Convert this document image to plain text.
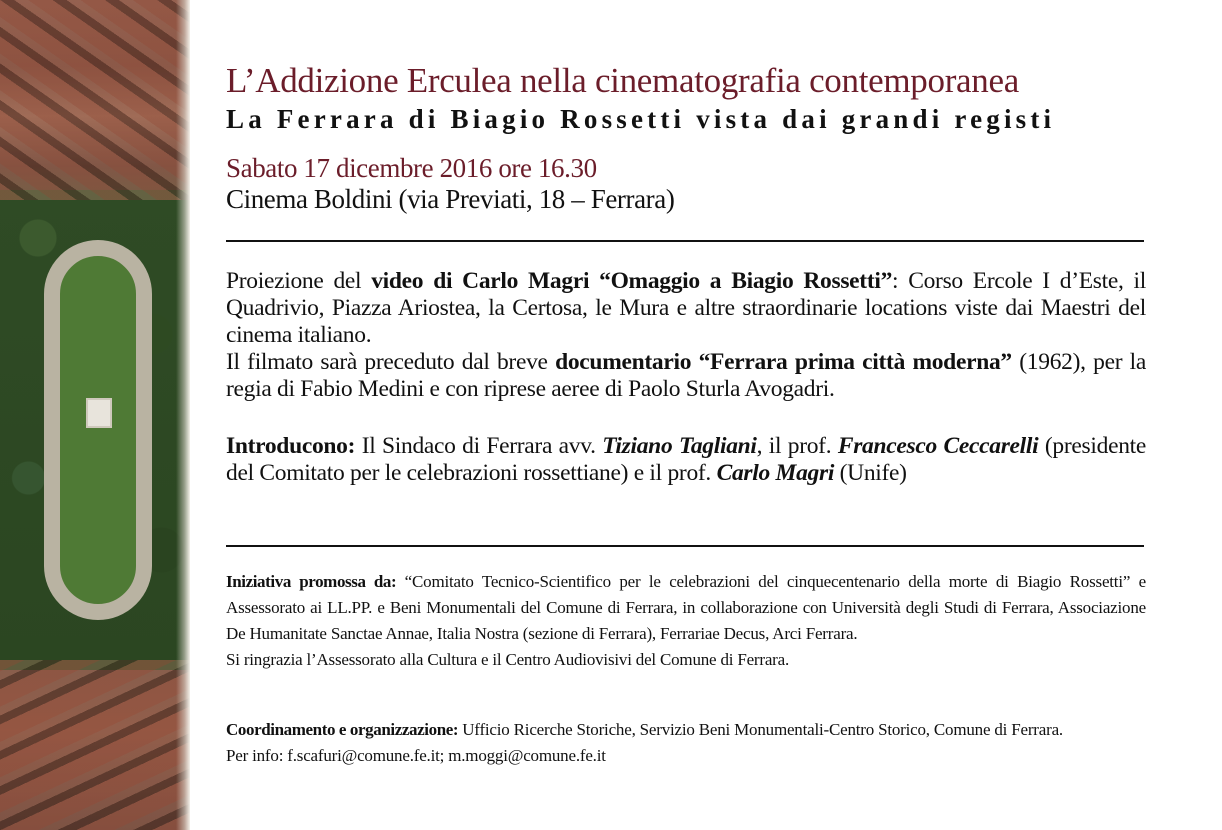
L’Addizione Erculea nella cinematografia contemporanea
La Ferrara di Biagio Rossetti vista dai grandi registi
Sabato 17 dicembre 2016 ore 16.30
Cinema Boldini (via Previati, 18 – Ferrara)
Proiezione del video di Carlo Magri “Omaggio a Biagio Rossetti”: Corso Ercole I d’Este, il Quadrivio, Piazza Ariostea, la Certosa, le Mura e altre straordinarie locations viste dai Maestri del cinema italiano.
Il filmato sarà preceduto dal breve documentario “Ferrara prima città moderna” (1962), per la regia di Fabio Medini e con riprese aeree di Paolo Sturla Avogadri.
Introducono: Il Sindaco di Ferrara avv. Tiziano Tagliani, il prof. Francesco Ceccarelli (presidente del Comitato per le celebrazioni rossettiane) e il prof. Carlo Magri (Unife)
Iniziativa promossa da: “Comitato Tecnico-Scientifico per le celebrazioni del cinquecentenario della morte di Biagio Rossetti” e Assessorato ai LL.PP. e Beni Monumentali del Comune di Ferrara, in collaborazione con Università degli Studi di Ferrara, Associazione De Humanitate Sanctae Annae, Italia Nostra (sezione di Ferrara), Ferrariae Decus, Arci Ferrara.
Si ringrazia l’Assessorato alla Cultura e il Centro Audiovisivi del Comune di Ferrara.
Coordinamento e organizzazione: Ufficio Ricerche Storiche, Servizio Beni Monumentali-Centro Storico, Comune di Ferrara.
Per info: f.scafuri@comune.fe.it; m.moggi@comune.fe.it
